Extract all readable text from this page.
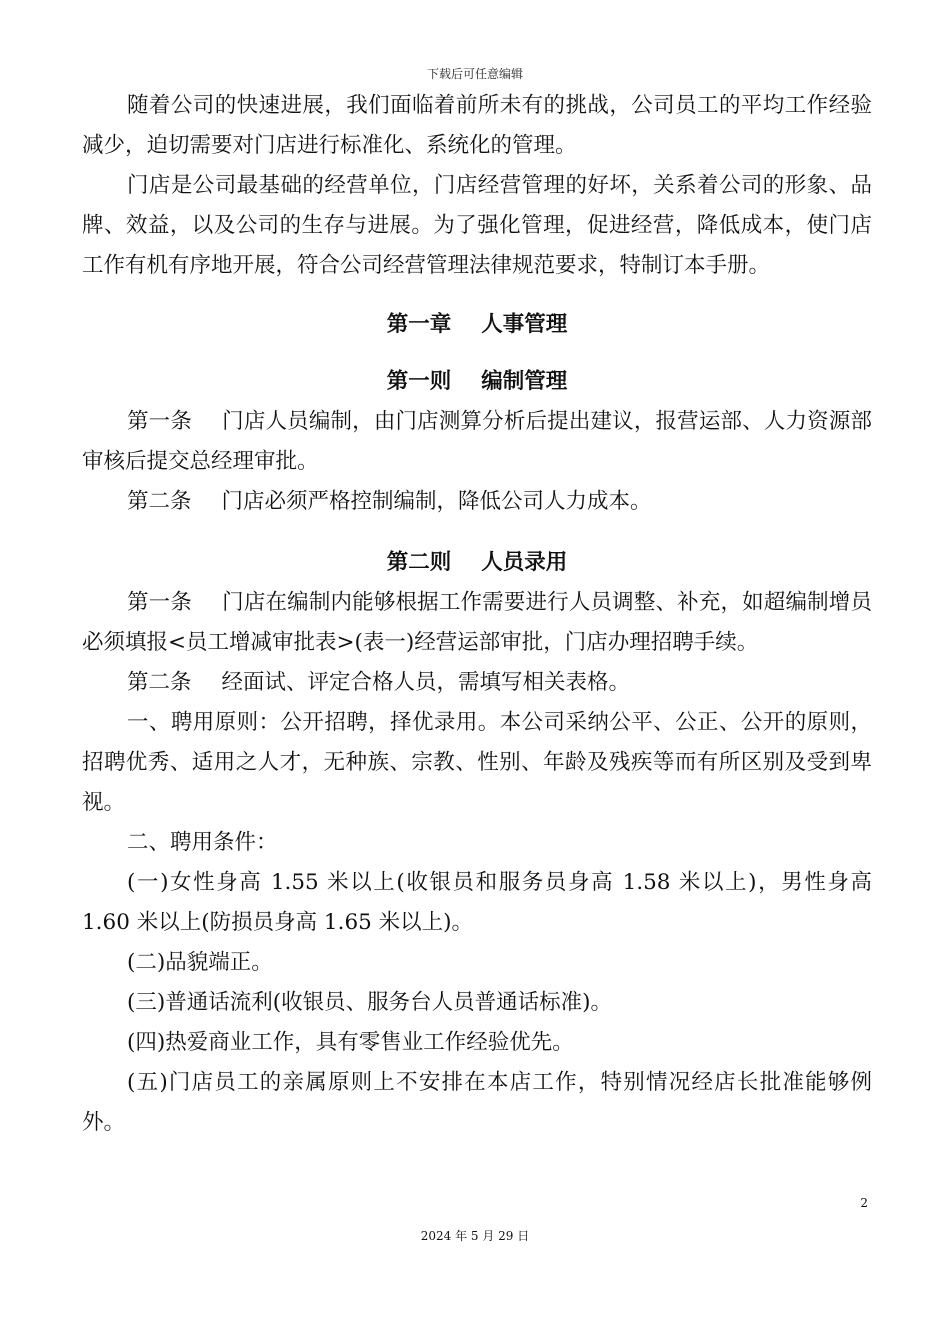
下载后可任意编辑

随着公司的快速进展，我们面临着前所未有的挑战，公司员工的平均工作经验减少，迫切需要对门店进行标准化、系统化的管理。

门店是公司最基础的经营单位，门店经营管理的好坏，关系着公司的形象、品牌、效益，以及公司的生存与进展。为了强化管理，促进经营，降低成本，使门店工作有机有序地开展，符合公司经营管理法律规范要求，特制订本手册。

第一章 人事管理
第一则 编制管理

第一条 门店人员编制，由门店测算分析后提出建议，报营运部、人力资源部审核后提交总经理审批。

第二条 门店必须严格控制编制，降低公司人力成本。

第二则 人员录用

第一条 门店在编制内能够根据工作需要进行人员调整、补充，如超编制增员必须填报<员工增减审批表>(表一)经营运部审批，门店办理招聘手续。

第二条 经面试、评定合格人员，需填写相关表格。

一、聘用原则：公开招聘，择优录用。本公司采纳公平、公正、公开的原则，招聘优秀、适用之人才，无种族、宗教、性别、年龄及残疾等而有所区别及受到卑视。

二、聘用条件：

(一)女性身高 1.55 米以上(收银员和服务员身高 1.58 米以上)，男性身高 1.60 米以上(防损员身高 1.65 米以上)。

(二)品貌端正。

(三)普通话流利(收银员、服务台人员普通话标准)。

(四)热爱商业工作，具有零售业工作经验优先。

(五)门店员工的亲属原则上不安排在本店工作，特别情况经店长批准能够例外。

2
2024 年 5 月 29 日
